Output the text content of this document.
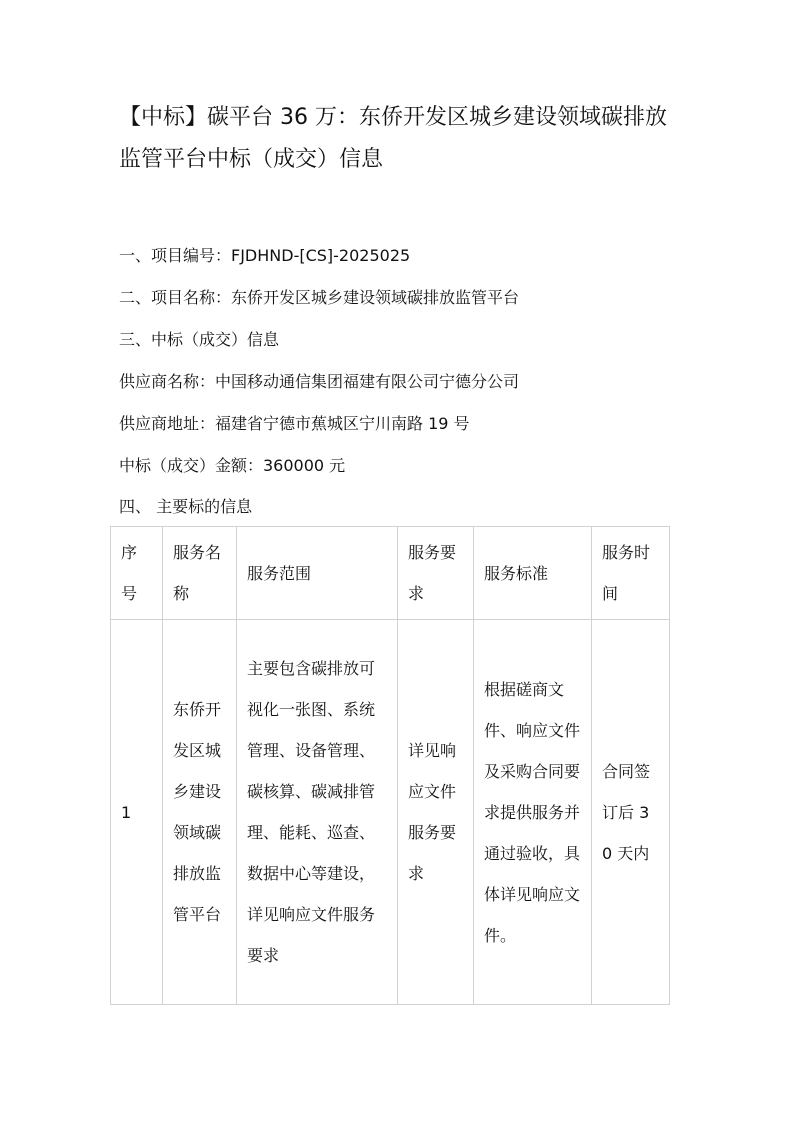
【中标】碳平台 36 万：东侨开发区城乡建设领域碳排放监管平台中标（成交）信息
一、项目编号：FJDHND-[CS]-2025025
二、项目名称：东侨开发区城乡建设领域碳排放监管平台
三、中标（成交）信息
供应商名称：中国移动通信集团福建有限公司宁德分公司
供应商地址：福建省宁德市蕉城区宁川南路 19 号
中标（成交）金额：360000 元
四、 主要标的信息
序号	服务名称	服务范围	服务要求	服务标准	服务时间
1	东侨开发区城乡建设领域碳排放监管平台	主要包含碳排放可视化一张图、系统管理、设备管理、碳核算、碳减排管理、能耗、巡查、数据中心等建设，详见响应文件服务要求	详见响应文件服务要求	根据磋商文件、响应文件及采购合同要求提供服务并通过验收，具体详见响应文件。	合同签订后 30 天内
